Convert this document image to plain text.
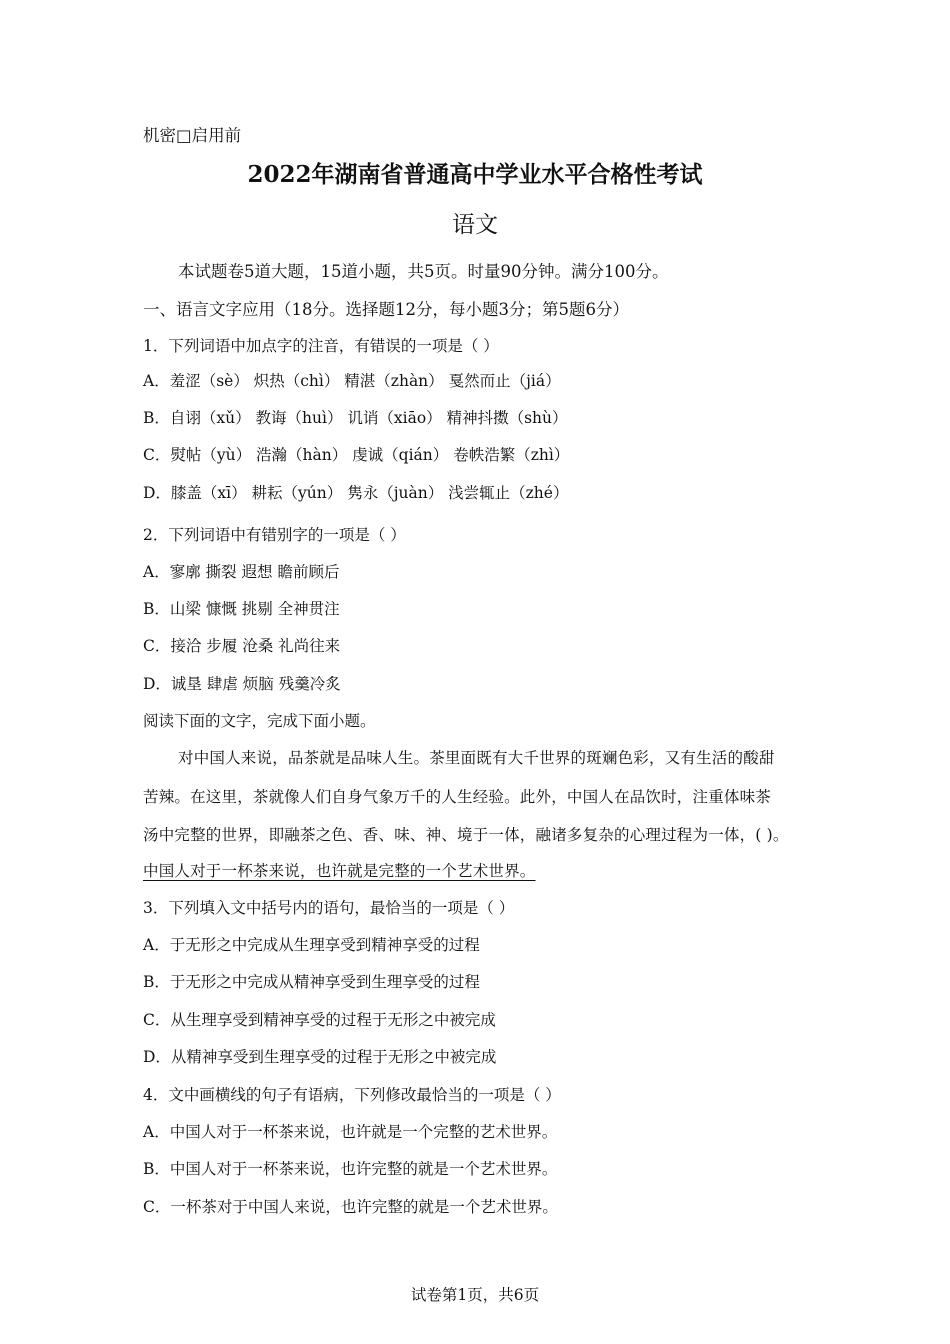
机密□启用前
2022年湖南省普通高中学业水平合格性考试
语文
本试题卷5道大题，15道小题，共5页。时量90分钟。满分100分。
一、语言文字应用（18分。选择题12分，每小题3分；第5题6分）
1．下列词语中加点字的注音，有错误的一项是（ ）
A．羞涩（sè） 炽热（chì） 精湛（zhàn） 戛然而止（jiá）
B．自诩（xǔ） 教诲（huì） 讥诮（xiāo） 精神抖擞（shù）
C．熨帖（yù） 浩瀚（hàn） 虔诚（qián） 卷帙浩繁（zhì）
D．膝盖（xī） 耕耘（yún） 隽永（juàn） 浅尝辄止（zhé）
2．下列词语中有错别字的一项是（ ）
A．寥廓 撕裂 遐想 瞻前顾后
B．山梁 慷慨 挑剔 全神贯注
C．接洽 步履 沧桑 礼尚往来
D．诚垦 肆虐 烦脑 残羹冷炙
阅读下面的文字，完成下面小题。
对中国人来说，品茶就是品味人生。茶里面既有大千世界的斑斓色彩，又有生活的酸甜
苦辣。在这里，茶就像人们自身气象万千的人生经验。此外，中国人在品饮时，注重体味茶
汤中完整的世界，即融茶之色、香、味、神、境于一体，融诸多复杂的心理过程为一体，( )。
中国人对于一杯茶来说，也许就是完整的一个艺术世界。
3．下列填入文中括号内的语句，最恰当的一项是（ ）
A．于无形之中完成从生理享受到精神享受的过程
B．于无形之中完成从精神享受到生理享受的过程
C．从生理享受到精神享受的过程于无形之中被完成
D．从精神享受到生理享受的过程于无形之中被完成
4．文中画横线的句子有语病，下列修改最恰当的一项是（ ）
A．中国人对于一杯茶来说，也许就是一个完整的艺术世界。
B．中国人对于一杯茶来说，也许完整的就是一个艺术世界。
C．一杯茶对于中国人来说，也许完整的就是一个艺术世界。
试卷第1页，共6页
